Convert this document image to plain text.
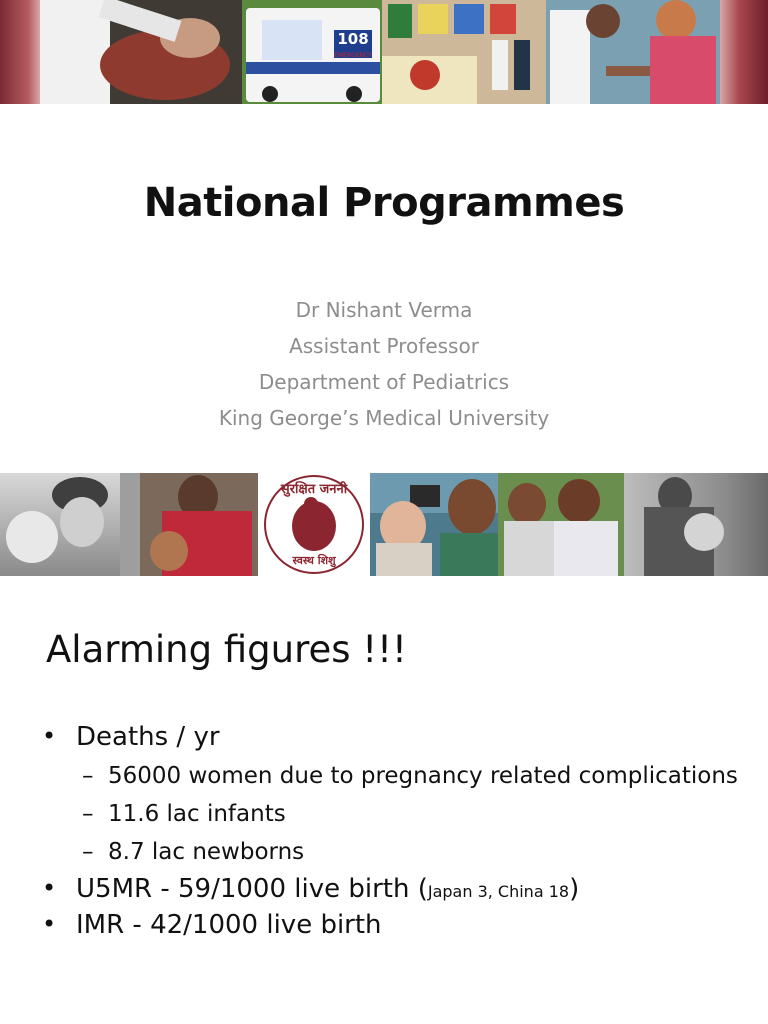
108
EMERGENCY
National Programmes
Dr Nishant Verma
Assistant Professor
Department of Pediatrics
King George’s Medical University
सुरक्षित जननी
स्वस्थ शिशु
Alarming figures !!!
• Deaths / yr
– 56000 women due to pregnancy related complications
– 11.6 lac infants
– 8.7 lac newborns
• U5MR - 59/1000 live birth (Japan 3, China 18)
• IMR - 42/1000 live birth
